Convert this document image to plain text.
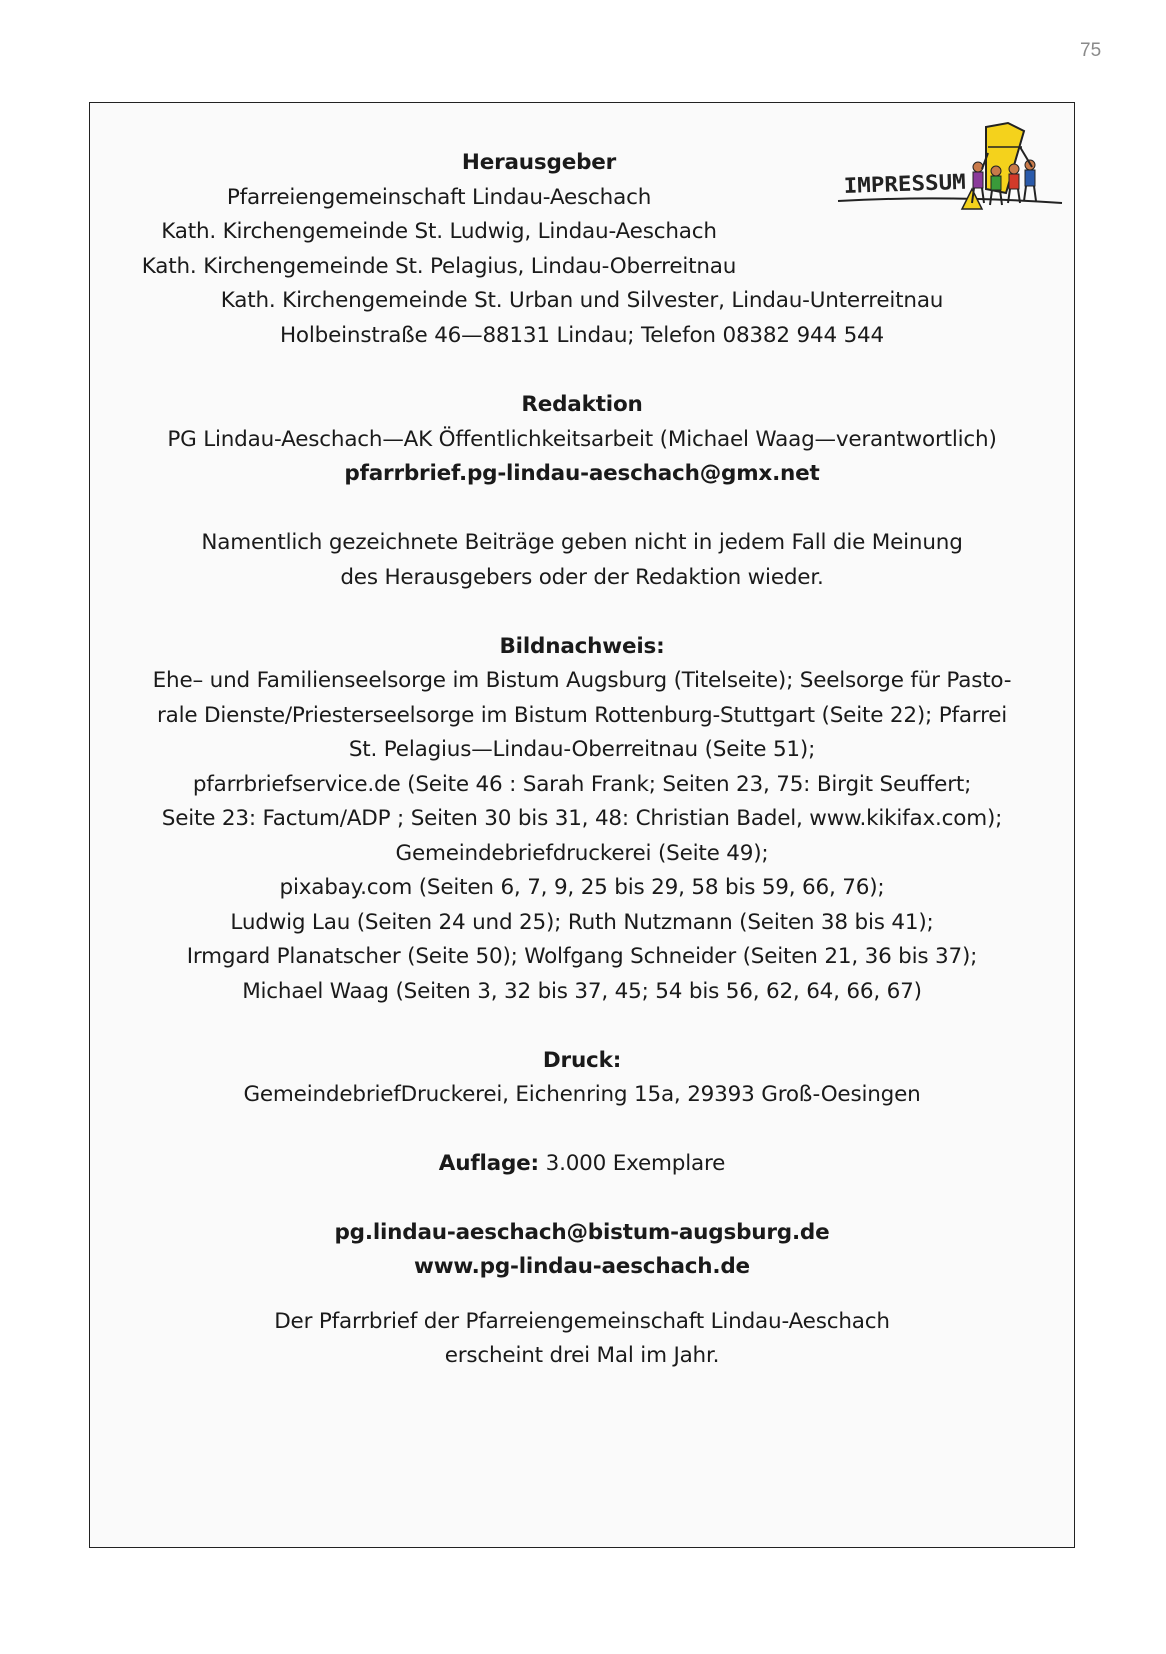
75
IMPRESSUM
Herausgeber
Pfarreiengemeinschaft Lindau-Aeschach
Kath. Kirchengemeinde St. Ludwig, Lindau-Aeschach
Kath. Kirchengemeinde St. Pelagius, Lindau-Oberreitnau
Kath. Kirchengemeinde St. Urban und Silvester, Lindau-Unterreitnau
Holbeinstraße 46—88131 Lindau; Telefon 08382 944 544
Redaktion
PG Lindau-Aeschach—AK Öffentlichkeitsarbeit (Michael Waag—verantwortlich)
pfarrbrief.pg-lindau-aeschach@gmx.net
Namentlich gezeichnete Beiträge geben nicht in jedem Fall die Meinung
des Herausgebers oder der Redaktion wieder.
Bildnachweis:
Ehe– und Familienseelsorge im Bistum Augsburg (Titelseite); Seelsorge für Pasto-
rale Dienste/Priesterseelsorge im Bistum Rottenburg-Stuttgart (Seite 22); Pfarrei
St. Pelagius—Lindau-Oberreitnau (Seite 51);
pfarrbriefservice.de (Seite 46 : Sarah Frank; Seiten 23, 75: Birgit Seuffert;
Seite 23: Factum/ADP ; Seiten 30 bis 31, 48: Christian Badel, www.kikifax.com);
Gemeindebriefdruckerei (Seite 49);
pixabay.com (Seiten 6, 7, 9, 25 bis 29, 58 bis 59, 66, 76);
Ludwig Lau (Seiten 24 und 25); Ruth Nutzmann (Seiten 38 bis 41);
Irmgard Planatscher (Seite 50); Wolfgang Schneider (Seiten 21, 36 bis 37);
Michael Waag (Seiten 3, 32 bis 37, 45; 54 bis 56, 62, 64, 66, 67)
Druck:
GemeindebriefDruckerei, Eichenring 15a, 29393 Groß-Oesingen
Auflage: 3.000 Exemplare
pg.lindau-aeschach@bistum-augsburg.de
www.pg-lindau-aeschach.de
Der Pfarrbrief der Pfarreiengemeinschaft Lindau-Aeschach
erscheint drei Mal im Jahr.
